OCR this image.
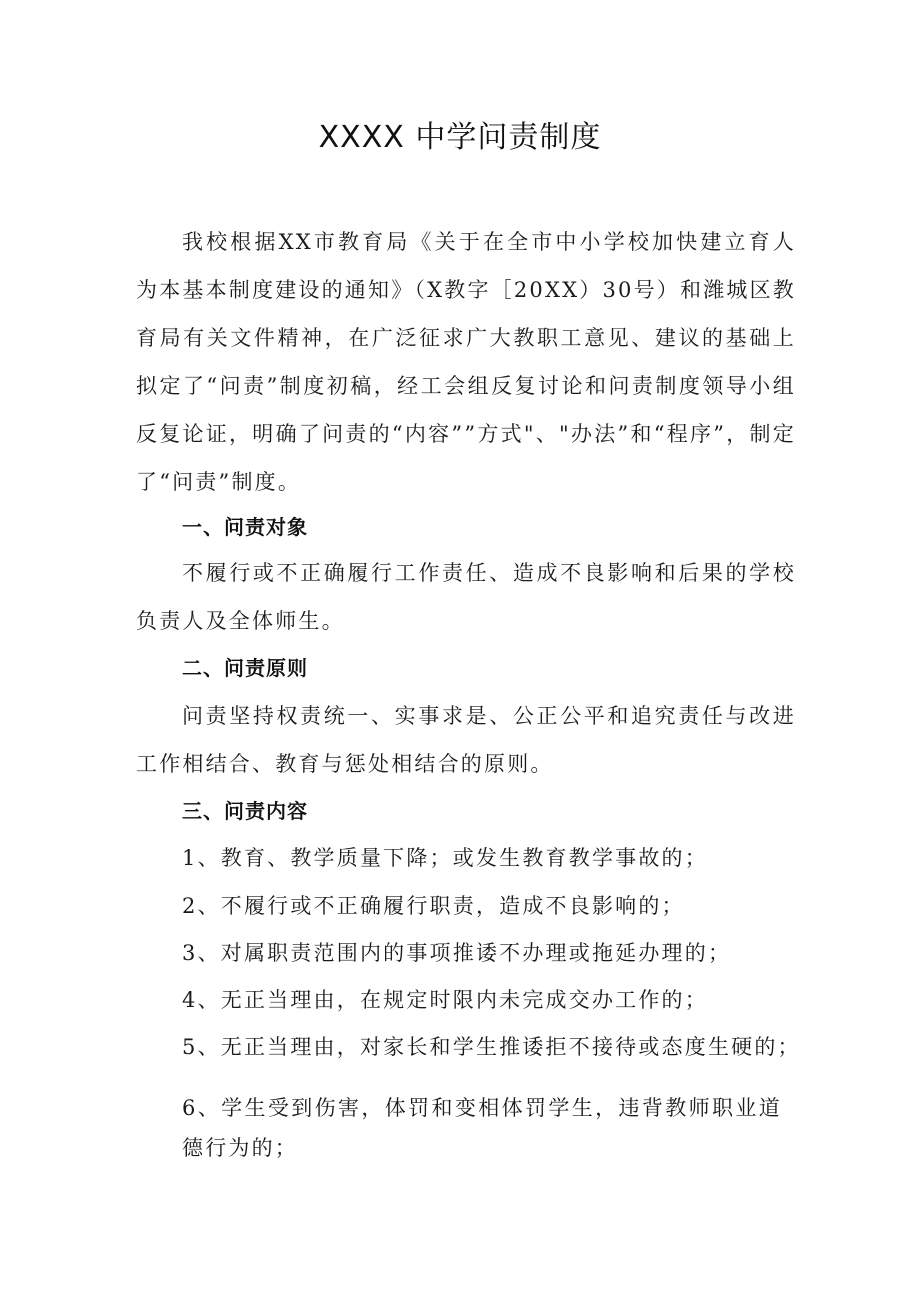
XXXX 中学问责制度

我校根据XX市教育局《关于在全市中小学校加快建立育人为本基本制度建设的通知》（X教字［20XX）30号）和潍城区教育局有关文件精神，在广泛征求广大教职工意见、建议的基础上拟定了“问责”制度初稿，经工会组反复讨论和问责制度领导小组反复论证，明确了问责的“内容””方式"、"办法”和“程序”，制定了“问责”制度。

一、问责对象

不履行或不正确履行工作责任、造成不良影响和后果的学校负责人及全体师生。

二、问责原则

问责坚持权责统一、实事求是、公正公平和追究责任与改进工作相结合、教育与惩处相结合的原则。

三、问责内容
1、教育、教学质量下降；或发生教育教学事故的；
2、不履行或不正确履行职责，造成不良影响的；
3、对属职责范围内的事项推诿不办理或拖延办理的；
4、无正当理由，在规定时限内未完成交办工作的；
5、无正当理由，对家长和学生推诿拒不接待或态度生硬的；
6、学生受到伤害，体罚和变相体罚学生，违背教师职业道德行为的；
